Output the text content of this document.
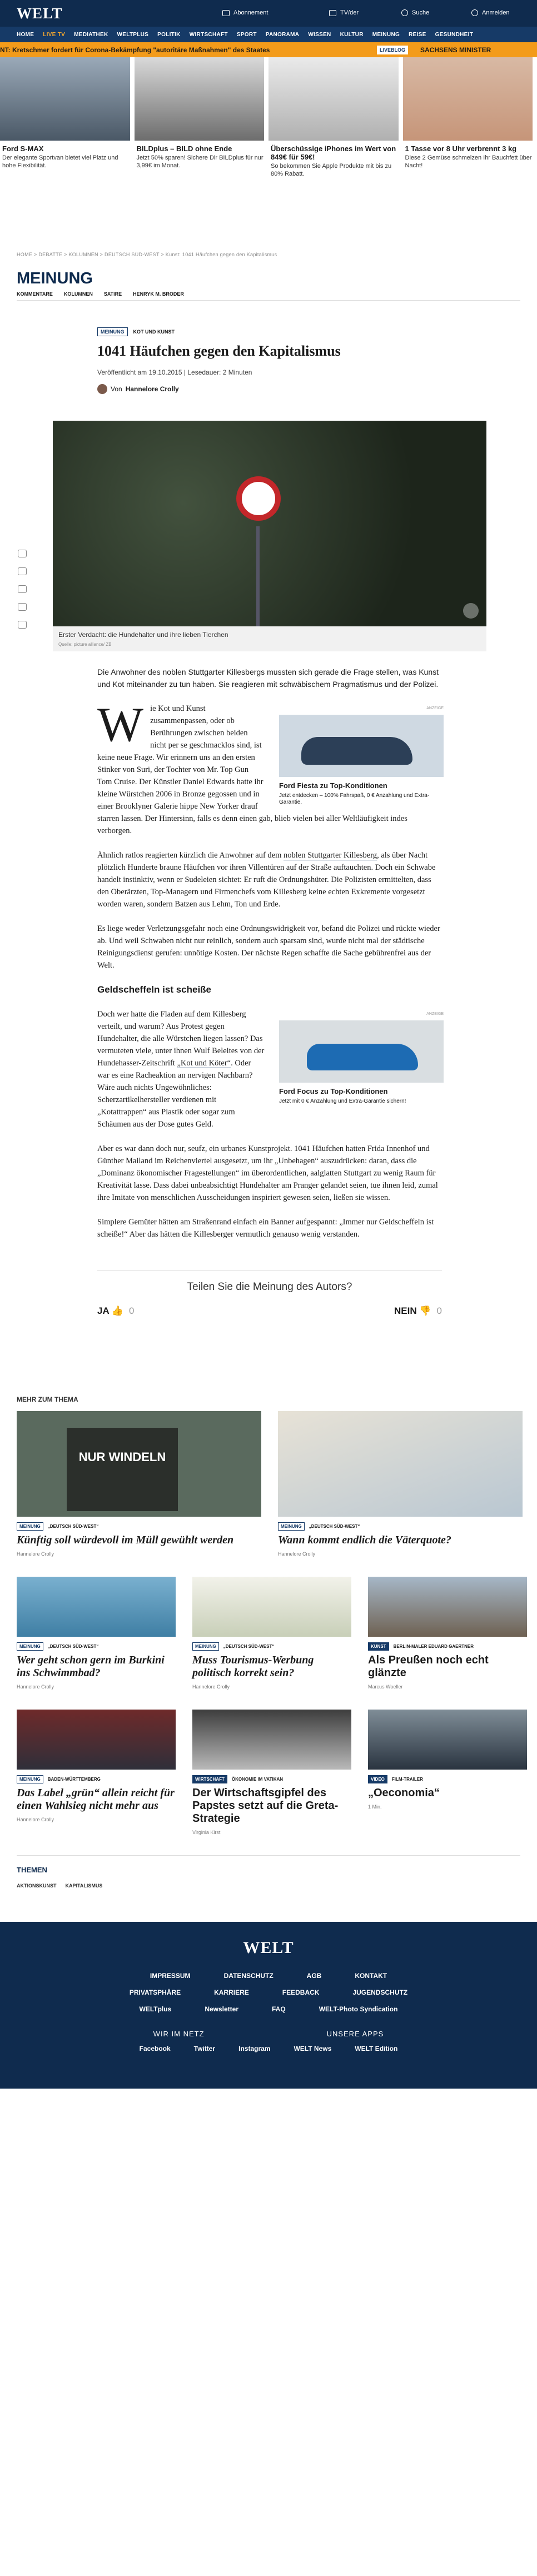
WELT	Abonnement	TV/der	Suche	Anmelden
HOME LIVE TV MEDIATHEK WELTPLUS POLITIK WIRTSCHAFT SPORT PANORAMA WISSEN KULTUR MEINUNG REISE GESUNDHEIT
NT: Kretschmer fordert für Corona-Bekämpfung "autoritäre Maßnahmen" des Staates	LIVEBLOG	SACHSENS MINISTER
Ford S-MAX

Der elegante Sportvan bietet viel Platz und hohe Flexibilität.

BILDplus – BILD ohne Ende

Jetzt 50% sparen! Sichere Dir BILDplus für nur 3,99€ im Monat.

Überschüssige iPhones im Wert von 849€ für 59€!

So bekommen Sie Apple Produkte mit bis zu 80% Rabatt.

1 Tasse vor 8 Uhr verbrennt 3 kg

Diese 2 Gemüse schmelzen Ihr Bauchfett über Nacht!

HOME > DEBATTE > KOLUMNEN > DEUTSCH SÜD-WEST > Kunst: 1041 Häufchen gegen den Kapitalismus
MEINUNG
KOMMENTARE KOLUMNEN SATIRE HENRYK M. BRODER
MEINUNG	KOT UND KUNST
1041 Häufchen gegen den Kapitalismus
Veröffentlicht am 19.10.2015 | Lesedauer: 2 Minuten
Von Hannelore Crolly
Erster Verdacht: die Hundehalter und ihre lieben Tierchen
Quelle: picture alliance/ ZB

Die Anwohner des noblen Stuttgarter Killesbergs mussten sich gerade die Frage stellen, was Kunst und Kot miteinander zu tun haben. Sie reagieren mit schwäbischem Pragmatismus und der Polizei.

ANZEIGE
Ford Fiesta zu Top-Konditionen

Jetzt entdecken – 100% Fahrspaß, 0 € Anzahlung und Extra-Garantie.

Wie Kot und Kunst zusammenpassen, oder ob Berührungen zwischen beiden nicht per se geschmacklos sind, ist keine neue Frage. Wir erinnern uns an den ersten Stinker von Suri, der Tochter von Mr. Top Gun Tom Cruise. Der Künstler Daniel Edwards hatte ihr kleine Würstchen 2006 in Bronze gegossen und in einer Brooklyner Galerie hippe New Yorker drauf starren lassen. Der Hintersinn, falls es denn einen gab, blieb vielen bei aller Weltläufigkeit indes verborgen.

Ähnlich ratlos reagierten kürzlich die Anwohner auf dem noblen Stuttgarter Killesberg, als über Nacht plötzlich Hunderte braune Häufchen vor ihren Villentüren auf der Straße auftauchten. Doch ein Schwabe handelt instinktiv, wenn er Sudeleien sichtet: Er ruft die Ordnungshüter. Die Polizisten ermittelten, dass den Oberärzten, Top-Managern und Firmenchefs vom Killesberg keine echten Exkremente vorgesetzt worden waren, sondern Batzen aus Lehm, Ton und Erde.

Es liege weder Verletzungsgefahr noch eine Ordnungswidrigkeit vor, befand die Polizei und rückte wieder ab. Und weil Schwaben nicht nur reinlich, sondern auch sparsam sind, wurde nicht mal der städtische Reinigungsdienst gerufen: unnötige Kosten. Der nächste Regen schaffte die Sache gebührenfrei aus der Welt.

Geldscheffeln ist scheiße
ANZEIGE
Ford Focus zu Top-Konditionen

Jetzt mit 0 € Anzahlung und Extra-Garantie sichern!

Doch wer hatte die Fladen auf dem Killesberg verteilt, und warum? Aus Protest gegen Hundehalter, die alle Würstchen liegen lassen? Das vermuteten viele, unter ihnen Wulf Beleites von der Hundehasser-Zeitschrift „Kot und Köter“. Oder war es eine Racheaktion an nervigen Nachbarn? Wäre auch nichts Ungewöhnliches: Scherzartikelhersteller verdienen mit „Kotattrappen“ aus Plastik oder sogar zum Schäumen aus der Dose gutes Geld.

Aber es war dann doch nur, seufz, ein urbanes Kunstprojekt. 1041 Häufchen hatten Frida Innenhof und Günther Mailand im Reichenviertel ausgesetzt, um ihr „Unbehagen“ auszudrücken: daran, dass die „Dominanz ökonomischer Fragestellungen“ im überordentlichen, aalglatten Stuttgart zu wenig Raum für Kreativität lasse. Dass dabei unbeabsichtigt Hundehalter am Pranger gelandet seien, tue ihnen leid, zumal ihre Imitate von menschlichen Ausscheidungen inspiriert gewesen seien, ließen sie wissen.

Simplere Gemüter hätten am Straßenrand einfach ein Banner aufgespannt: „Immer nur Geldscheffeln ist scheiße!“ Aber das hätten die Killesberger vermutlich genauso wenig verstanden.

Teilen Sie die Meinung des Autors?
JA 👍 0	NEIN 👎 0
MEHR ZUM THEMA
NUR WINDELN
MEINUNG	„DEUTSCH SÜD-WEST“
Künftig soll würdevoll im Müll gewühlt werden
Hannelore Crolly
MEINUNG	„DEUTSCH SÜD-WEST“
Wann kommt endlich die Väterquote?
Hannelore Crolly
MEINUNG	„DEUTSCH SÜD-WEST“
Wer geht schon gern im Burkini ins Schwimmbad?
Hannelore Crolly
MEINUNG	„DEUTSCH SÜD-WEST“
Muss Tourismus-Werbung politisch korrekt sein?
Hannelore Crolly
KUNST	BERLIN-MALER EDUARD GAERTNER
Als Preußen noch echt glänzte
Marcus Woeller
MEINUNG	BADEN-WÜRTTEMBERG
Das Label „grün“ allein reicht für einen Wahlsieg nicht mehr aus
Hannelore Crolly
WIRTSCHAFT	ÖKONOMIE IM VATIKAN
Der Wirtschaftsgipfel des Papstes setzt auf die Greta-Strategie
Virginia Kirst
VIDEO	FILM-TRAILER
„Oeconomia“
1 Min.
THEMEN
AKTIONSKUNST KAPITALISMUS
WELT
IMPRESSUM	DATENSCHUTZ	AGB	KONTAKT
PRIVATSPHÄRE	KARRIERE	FEEDBACK	JUGENDSCHUTZ
WELTplus	Newsletter	FAQ	WELT-Photo Syndication
WIR IM NETZ	UNSERE APPS
Facebook	Twitter	Instagram	WELT News	WELT Edition
